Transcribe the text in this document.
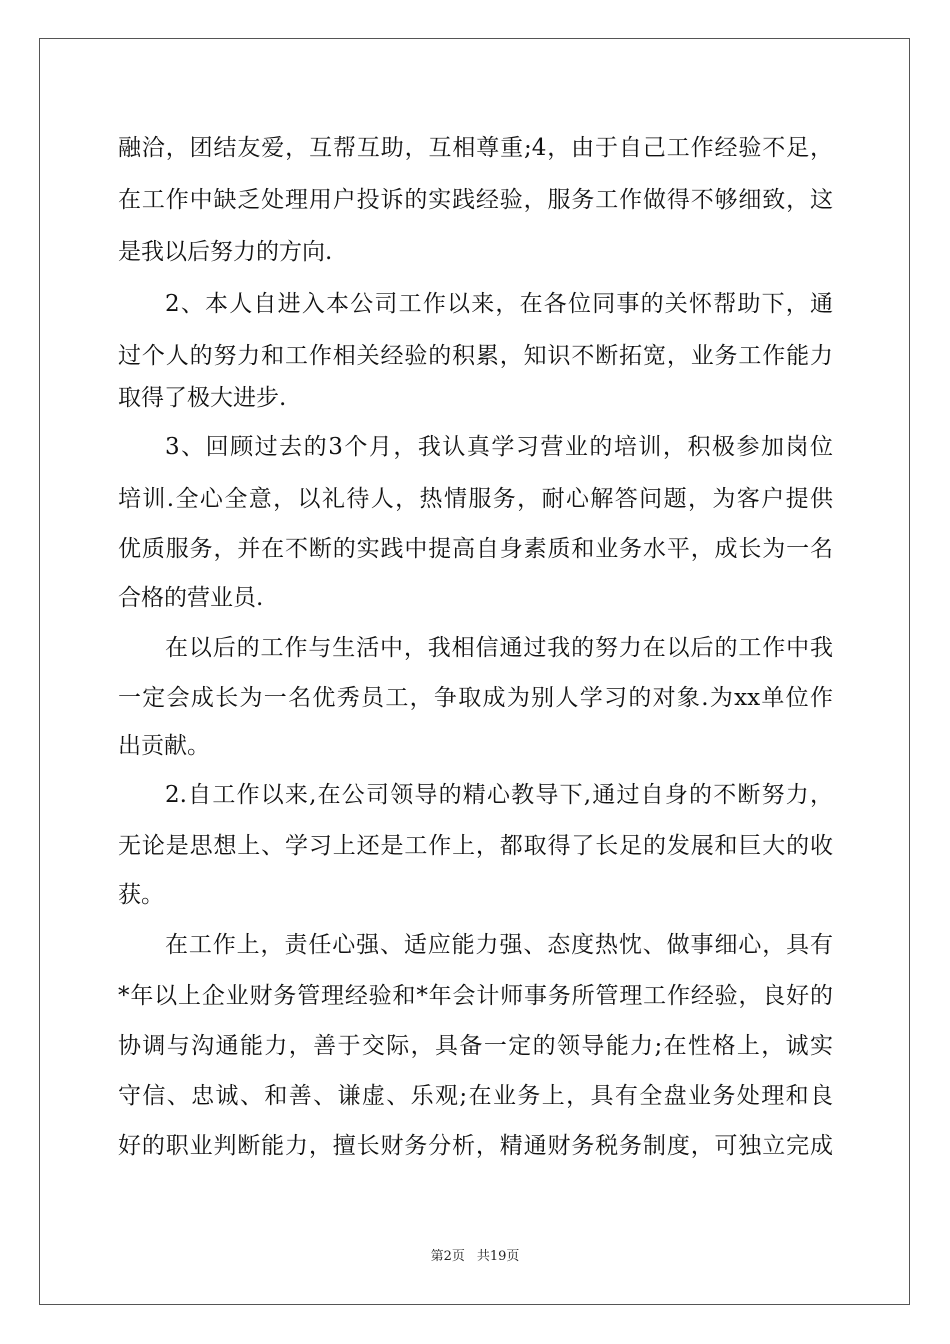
融洽，团结友爱，互帮互助，互相尊重;4，由于自己工作经验不足，
在工作中缺乏处理用户投诉的实践经验，服务工作做得不够细致，这
是我以后努力的方向.
2、本人自进入本公司工作以来，在各位同事的关怀帮助下，通
过个人的努力和工作相关经验的积累，知识不断拓宽，业务工作能力
取得了极大进步.
3、回顾过去的3个月，我认真学习营业的培训，积极参加岗位
培训.全心全意，以礼待人，热情服务，耐心解答问题，为客户提供
优质服务，并在不断的实践中提高自身素质和业务水平，成长为一名
合格的营业员.
在以后的工作与生活中，我相信通过我的努力在以后的工作中我
一定会成长为一名优秀员工，争取成为别人学习的对象.为xx单位作
出贡献。
2.自工作以来,在公司领导的精心教导下,通过自身的不断努力，
无论是思想上、学习上还是工作上，都取得了长足的发展和巨大的收
获。
在工作上，责任心强、适应能力强、态度热忱、做事细心，具有
*年以上企业财务管理经验和*年会计师事务所管理工作经验，良好的
协调与沟通能力，善于交际，具备一定的领导能力;在性格上，诚实
守信、忠诚、和善、谦虚、乐观;在业务上，具有全盘业务处理和良
好的职业判断能力，擅长财务分析，精通财务税务制度，可独立完成
第2页 共19页
